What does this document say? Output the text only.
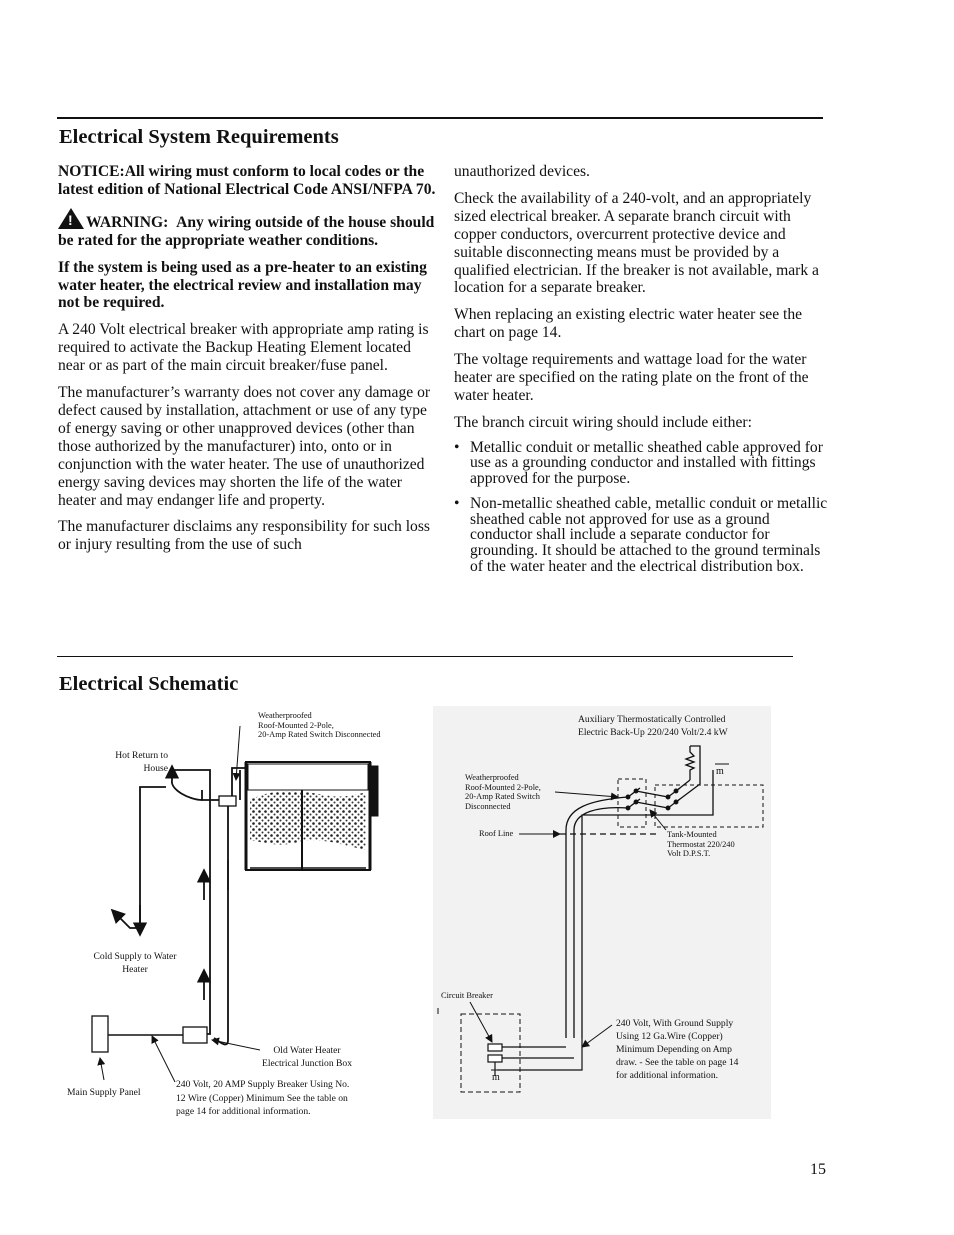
Electrical System Requirements

NOTICE:All wiring must conform to local codes or the latest edition of National Electrical Code ANSI/NFPA 70.

!WARNING: Any wiring outside of the house should be rated for the appropriate weather conditions.

If the system is being used as a pre-heater to an existing water heater, the electrical review and installation may not be required.

A 240 Volt electrical breaker with appropriate amp rating is required to activate the Backup Heating Element located near or as part of the main circuit breaker/fuse panel.

The manufacturer’s warranty does not cover any damage or defect caused by installation, attachment or use of any type of energy saving or other unapproved devices (other than those authorized by the manufacturer) into, onto or in conjunction with the water heater. The use of unauthorized energy saving devices may shorten the life of the water heater and may endanger life and property.

The manufacturer disclaims any responsibility for such loss or injury resulting from the use of such

unauthorized devices.

Check the availability of a 240-volt, and an appropriately sized electrical breaker. A separate branch circuit with copper conductors, overcurrent protective device and suitable disconnecting means must be provided by a qualified electrician. If the breaker is not available, mark a location for a separate breaker.

When replacing an existing electric water heater see the chart on page 14.

The voltage requirements and wattage load for the water heater are specified on the rating plate on the front of the water heater.

The branch circuit wiring should include either:

• Metallic conduit or metallic sheathed cable approved for use as a grounding conductor and installed with fittings approved for the purpose.
• Non-metallic sheathed cable, metallic conduit or metallic sheathed cable not approved for use as a ground conductor shall include a separate conductor for grounding. It should be attached to the ground terminals of the water heater and the electrical distribution box.
Electrical Schematic
m
m
Weatherproofed
Roof-Mounted 2-Pole,
20-Amp Rated Switch Disconnected
Hot Return to
House
Cold Supply to Water
Heater
Old Water Heater
Electrical Junction Box
Main Supply Panel
240 Volt, 20 AMP Supply Breaker Using No.
12 Wire (Copper) Minimum See the table on
page 14 for additional information.
Auxiliary Thermostatically Controlled
Electric Back-Up 220/240 Volt/2.4 kW
Weatherproofed
Roof-Mounted 2-Pole,
20-Amp Rated Switch
Disconnected
Roof Line	Tank-Mounted
Thermostat 220/240
Volt D.P.S.T.
Circuit Breaker
240 Volt, With Ground Supply
Using 12 Ga.Wire (Copper)
Minimum Depending on Amp
draw. - See the table on page 14
for additional information.
15
